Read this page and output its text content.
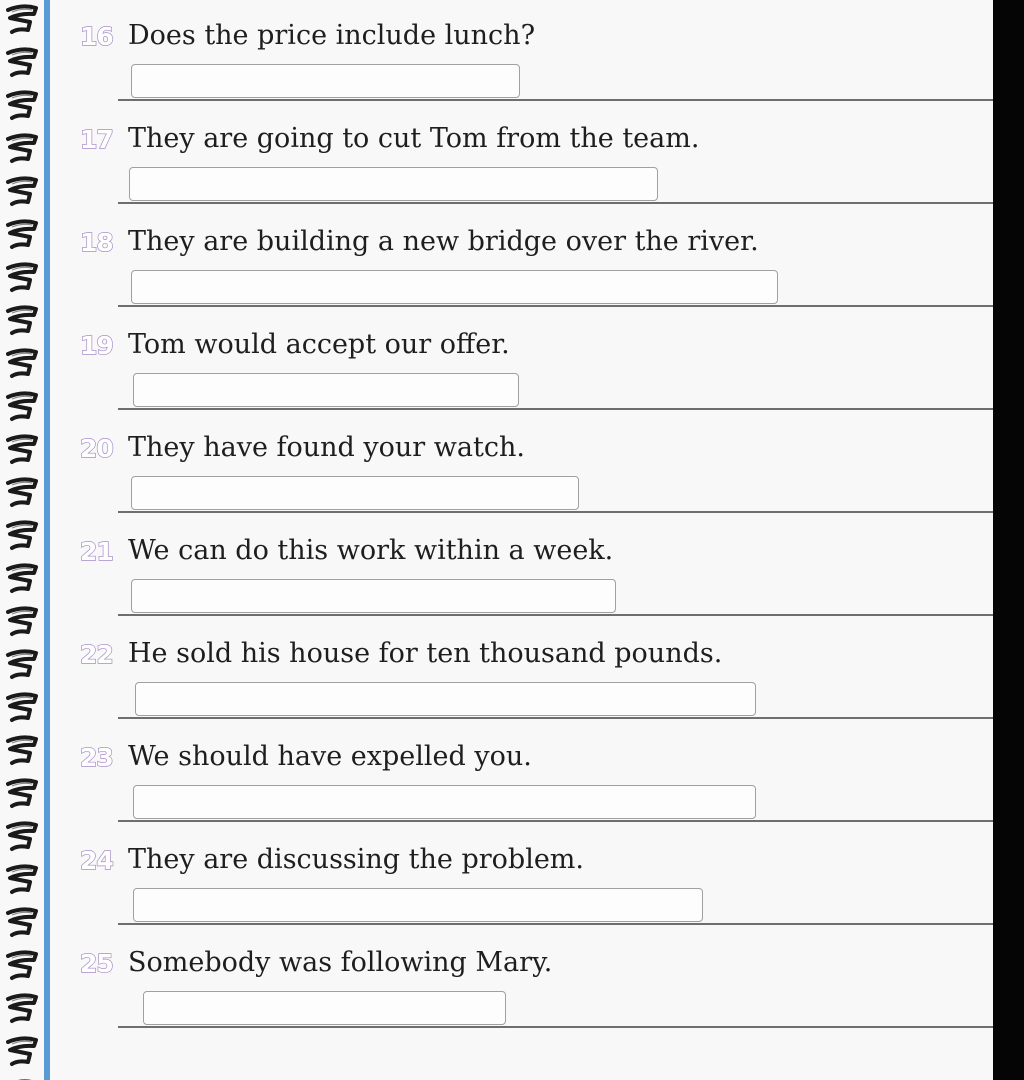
16 Does the price include lunch?
17 They are going to cut Tom from the team.
18 They are building a new bridge over the river.
19 Tom would accept our offer.
20 They have found your watch.
21 We can do this work within a week.
22 He sold his house for ten thousand pounds.
23 We should have expelled you.
24 They are discussing the problem.
25 Somebody was following Mary.
